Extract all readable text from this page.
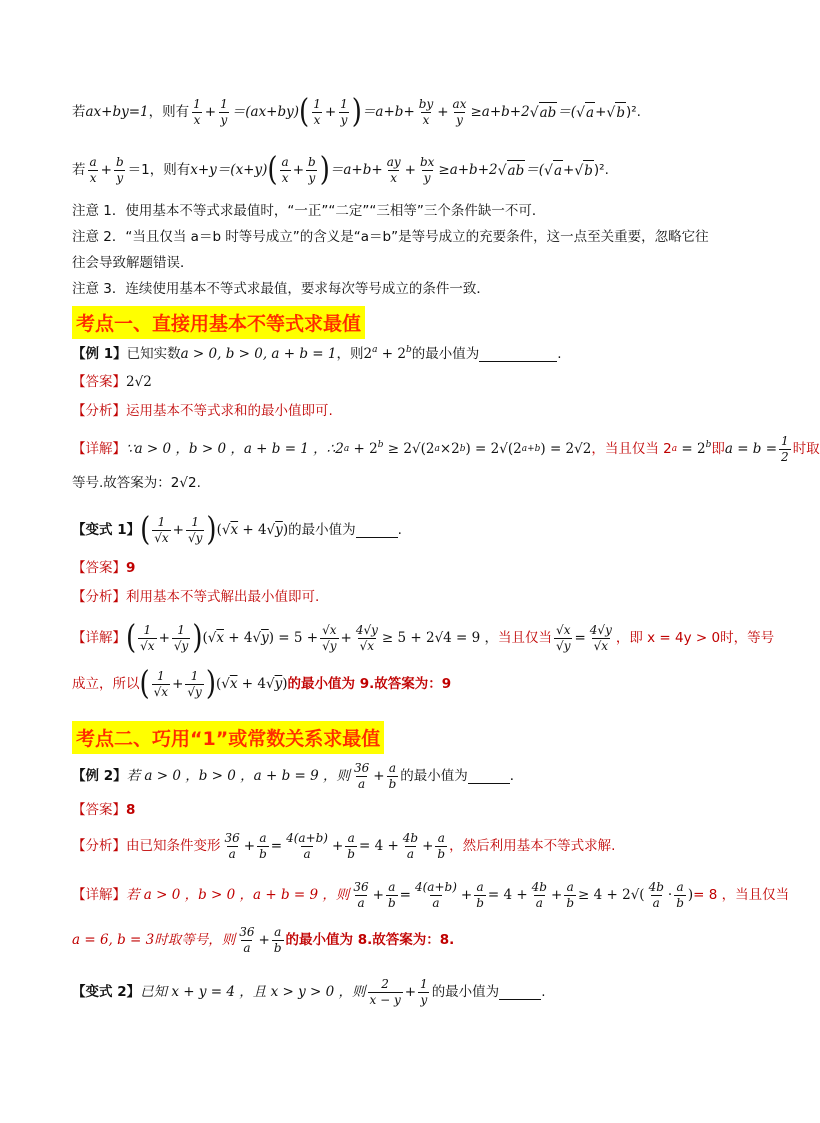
若 ax+by=1 ，则有 $\frac{1}{x} + \frac{1}{y} =(ax+by)$ ( $\frac{1}{x} + \frac{1}{y}$ ) $=a+b+ \frac{by}{x} + \frac{ax}{y} \ge a+b+2$ √ ab ＝( √ a + √ b )².
若 $\frac{a}{x} + \frac{b}{y} =1$，则有 x+y＝(x+y) ( $\frac{a}{x} + \frac{b}{y}$ ) $=a+b+ \frac{ay}{x} + \frac{bx}{y} \ge a+b+2$ √ ab ＝( √ a + √ b )².
注意 1．使用基本不等式求最值时，“一正”“二定”“三相等”三个条件缺一不可．
注意 2．“当且仅当 a＝b 时等号成立”的含义是“a＝b”是等号成立的充要条件，这一点至关重要，忽略它往
往会导致解题错误．
注意 3．连续使用基本不等式求最值，要求每次等号成立的条件一致．
考点一、直接用基本不等式求最值
【例 1】 已知实数 a > 0, b > 0, a + b = 1 ，则 $2^a + 2^b$ 的最小值为	.
【答案】 2√2
【分析】 运用基本不等式求和的最小值即可.
【详解】 ∵a > 0 ，b > 0 ，a + b = 1 ，∴2 $a + 2^b \ge 2√(2$ a ×2 b ) = 2√(2 a+b ) = 2√2 ，当且仅当 2 $a = 2^b$ 即 $a = b = \frac{1}{2}$ 时取
等号.故答案为：2√2.
【变式 1】 ( $\frac{1}{√x} + \frac{1}{√y}$ ) (√x + 4√y) 的最小值为	.
【答案】 9
【分析】 利用基本不等式解出最小值即可.
【详解】 ( $\frac{1}{√x} + \frac{1}{√y}$ ) $(√x + 4√y) = 5 + \frac{√x}{√y} + \frac{4√y}{√x} \ge 5 + 2√4 = 9$ ， 当且仅当 $\frac{√x}{√y} = \frac{4√y}{√x}$ ，即 x = 4y > 0时，等号
成立，所以 ( $\frac{1}{√x} + \frac{1}{√y}$ ) (√x + 4√y) 的最小值为 9.故答案为：9
考点二、巧用“1”或常数关系求最值
【例 2】 若 a > 0 ，b > 0 ，a + b = 9 ，则 $\frac{36}{a} + \frac{a}{b}$ 的最小值为	．
【答案】 8
【分析】 由已知条件变形 $\frac{36}{a} + \frac{a}{b} = \frac{4(a+b)}{a} + \frac{a}{b} = 4 + \frac{4b}{a} + \frac{a}{b}$ ，然后利用基本不等式求解.
【详解】 若 a > 0 ，b > 0 ，a + b = 9 ，则 $\frac{36}{a} + \frac{a}{b} = \frac{4(a+b)}{a} + \frac{a}{b} = 4 + \frac{4b}{a} + \frac{a}{b} \ge 4 + 2$ √( $\frac{4b}{a} \cdot \frac{a}{b}$ ) = 8 ，当且仅当
a = 6, b = 3时取等号，则 $\frac{36}{a} + \frac{a}{b}$ 的最小值为 8.故答案为：8.
【变式 2】 已知 x + y = 4 ，且 x > y > 0 ，则 $\frac{2}{x - y} + \frac{1}{y}$ 的最小值为	.
